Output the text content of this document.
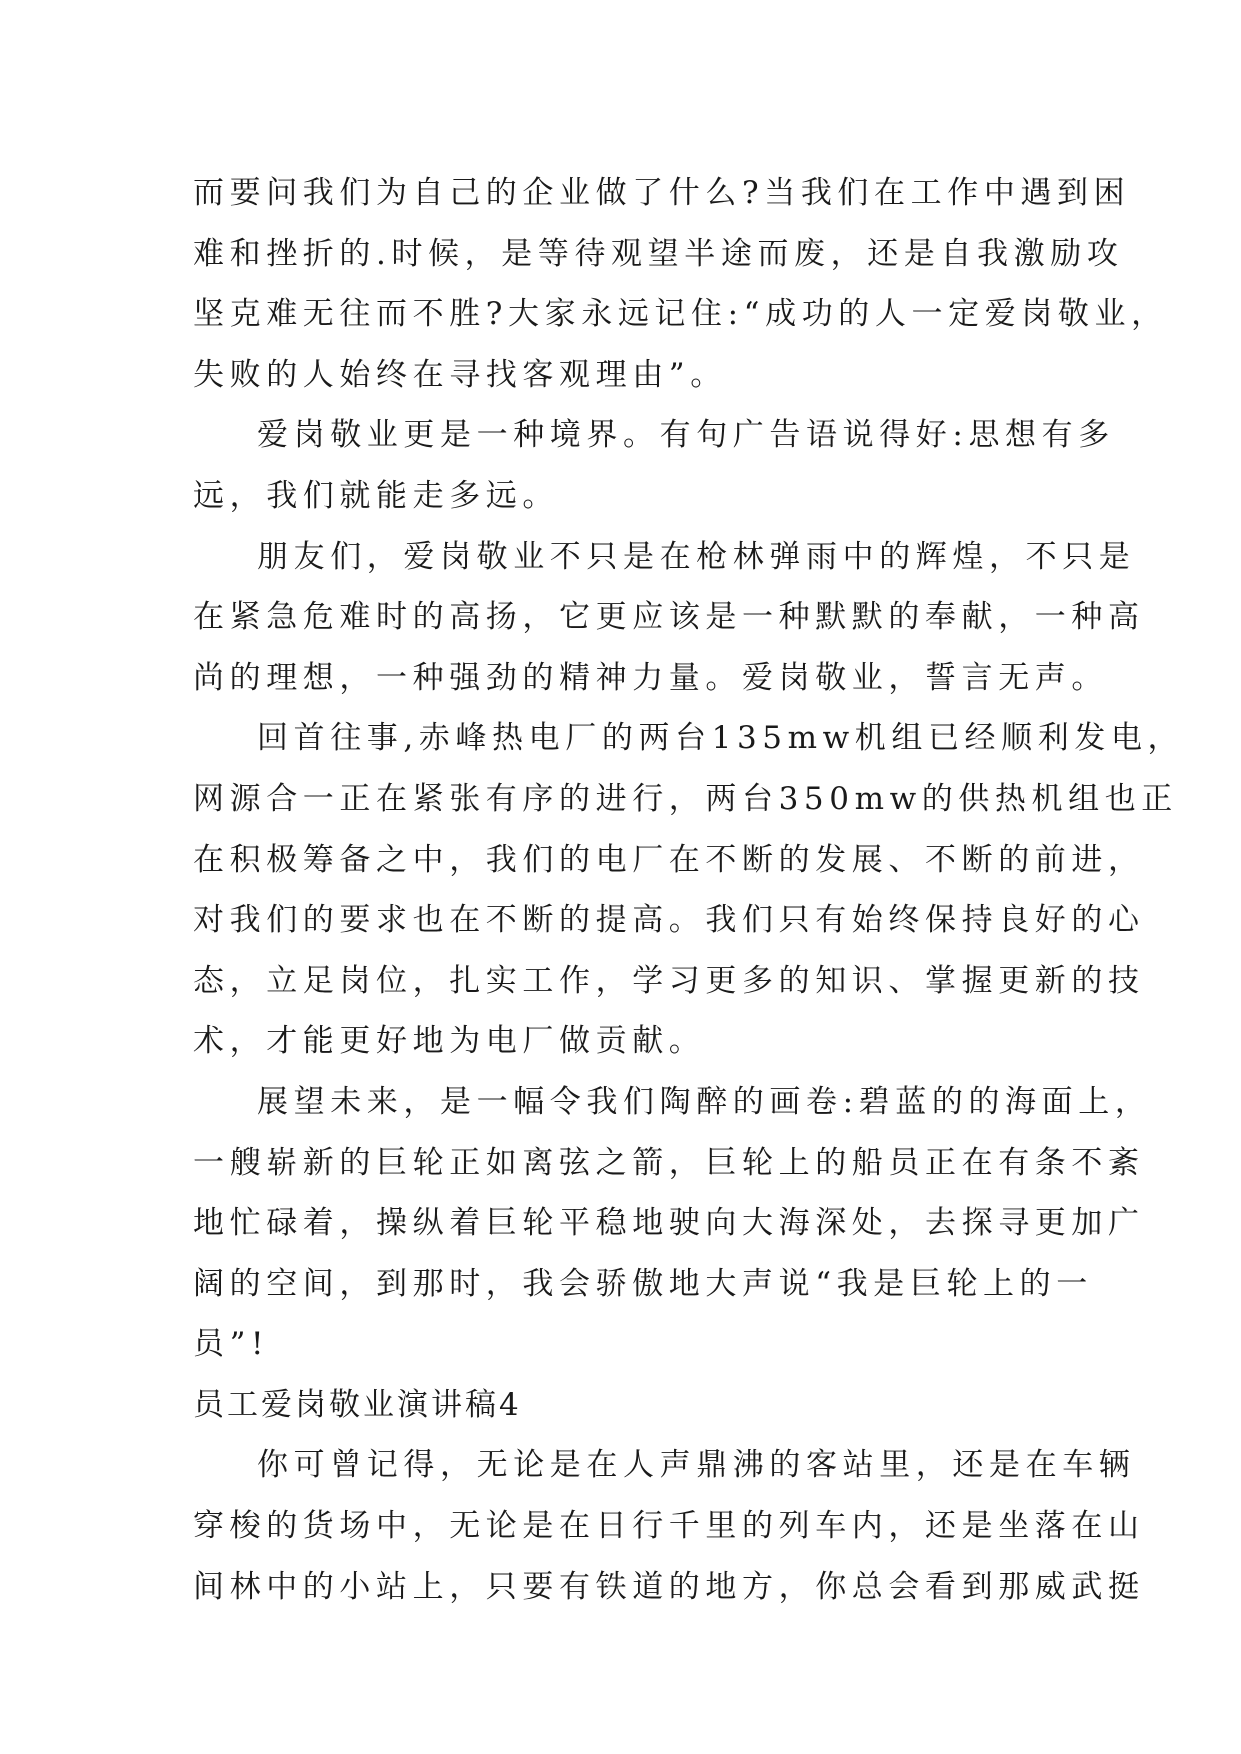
而要问我们为自己的企业做了什么?当我们在工作中遇到困
难和挫折的.时候，是等待观望半途而废，还是自我激励攻
坚克难无往而不胜?大家永远记住:“成功的人一定爱岗敬业，
失败的人始终在寻找客观理由”。
爱岗敬业更是一种境界。有句广告语说得好:思想有多
远，我们就能走多远。
朋友们，爱岗敬业不只是在枪林弹雨中的辉煌，不只是
在紧急危难时的高扬，它更应该是一种默默的奉献，一种高
尚的理想，一种强劲的精神力量。爱岗敬业，誓言无声。
回首往事,赤峰热电厂的两台135mw机组已经顺利发电，
网源合一正在紧张有序的进行，两台350mw的供热机组也正
在积极筹备之中，我们的电厂在不断的发展、不断的前进，
对我们的要求也在不断的提高。我们只有始终保持良好的心
态，立足岗位，扎实工作，学习更多的知识、掌握更新的技
术，才能更好地为电厂做贡献。
展望未来，是一幅令我们陶醉的画卷:碧蓝的的海面上，
一艘崭新的巨轮正如离弦之箭，巨轮上的船员正在有条不紊
地忙碌着，操纵着巨轮平稳地驶向大海深处，去探寻更加广
阔的空间，到那时，我会骄傲地大声说“我是巨轮上的一
员”!
员工爱岗敬业演讲稿4
你可曾记得，无论是在人声鼎沸的客站里，还是在车辆
穿梭的货场中，无论是在日行千里的列车内，还是坐落在山
间林中的小站上，只要有铁道的地方，你总会看到那威武挺
